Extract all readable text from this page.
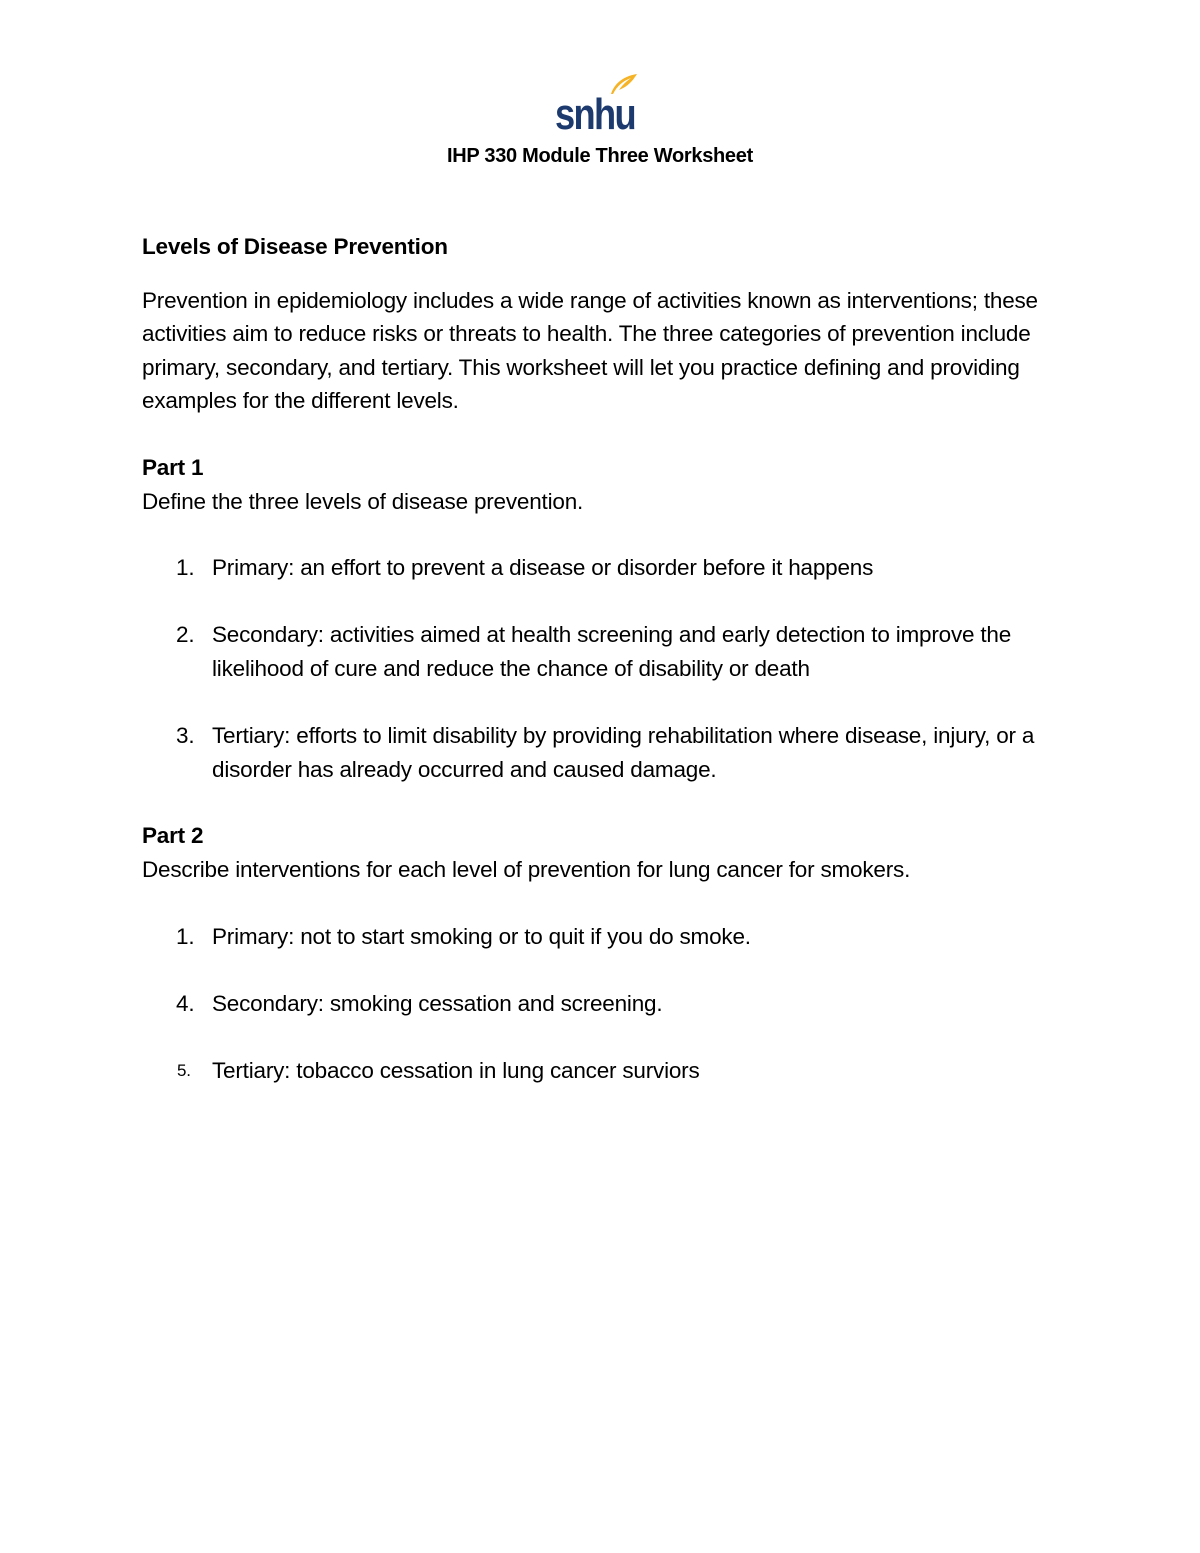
snhu
IHP 330 Module Three Worksheet
Levels of Disease Prevention

Prevention in epidemiology includes a wide range of activities known as interventions; these activities aim to reduce risks or threats to health. The three categories of prevention include primary, secondary, and tertiary. This worksheet will let you practice defining and providing examples for the different levels.

Part 1

Define the three levels of disease prevention.

1. Primary: an effort to prevent a disease or disorder before it happens
2. Secondary: activities aimed at health screening and early detection to improve the likelihood of cure and reduce the chance of disability or death
3. Tertiary: efforts to limit disability by providing rehabilitation where disease, injury, or a disorder has already occurred and caused damage.
Part 2

Describe interventions for each level of prevention for lung cancer for smokers.

1. Primary: not to start smoking or to quit if you do smoke.
4. Secondary: smoking cessation and screening.
5. Tertiary: tobacco cessation in lung cancer surviors
